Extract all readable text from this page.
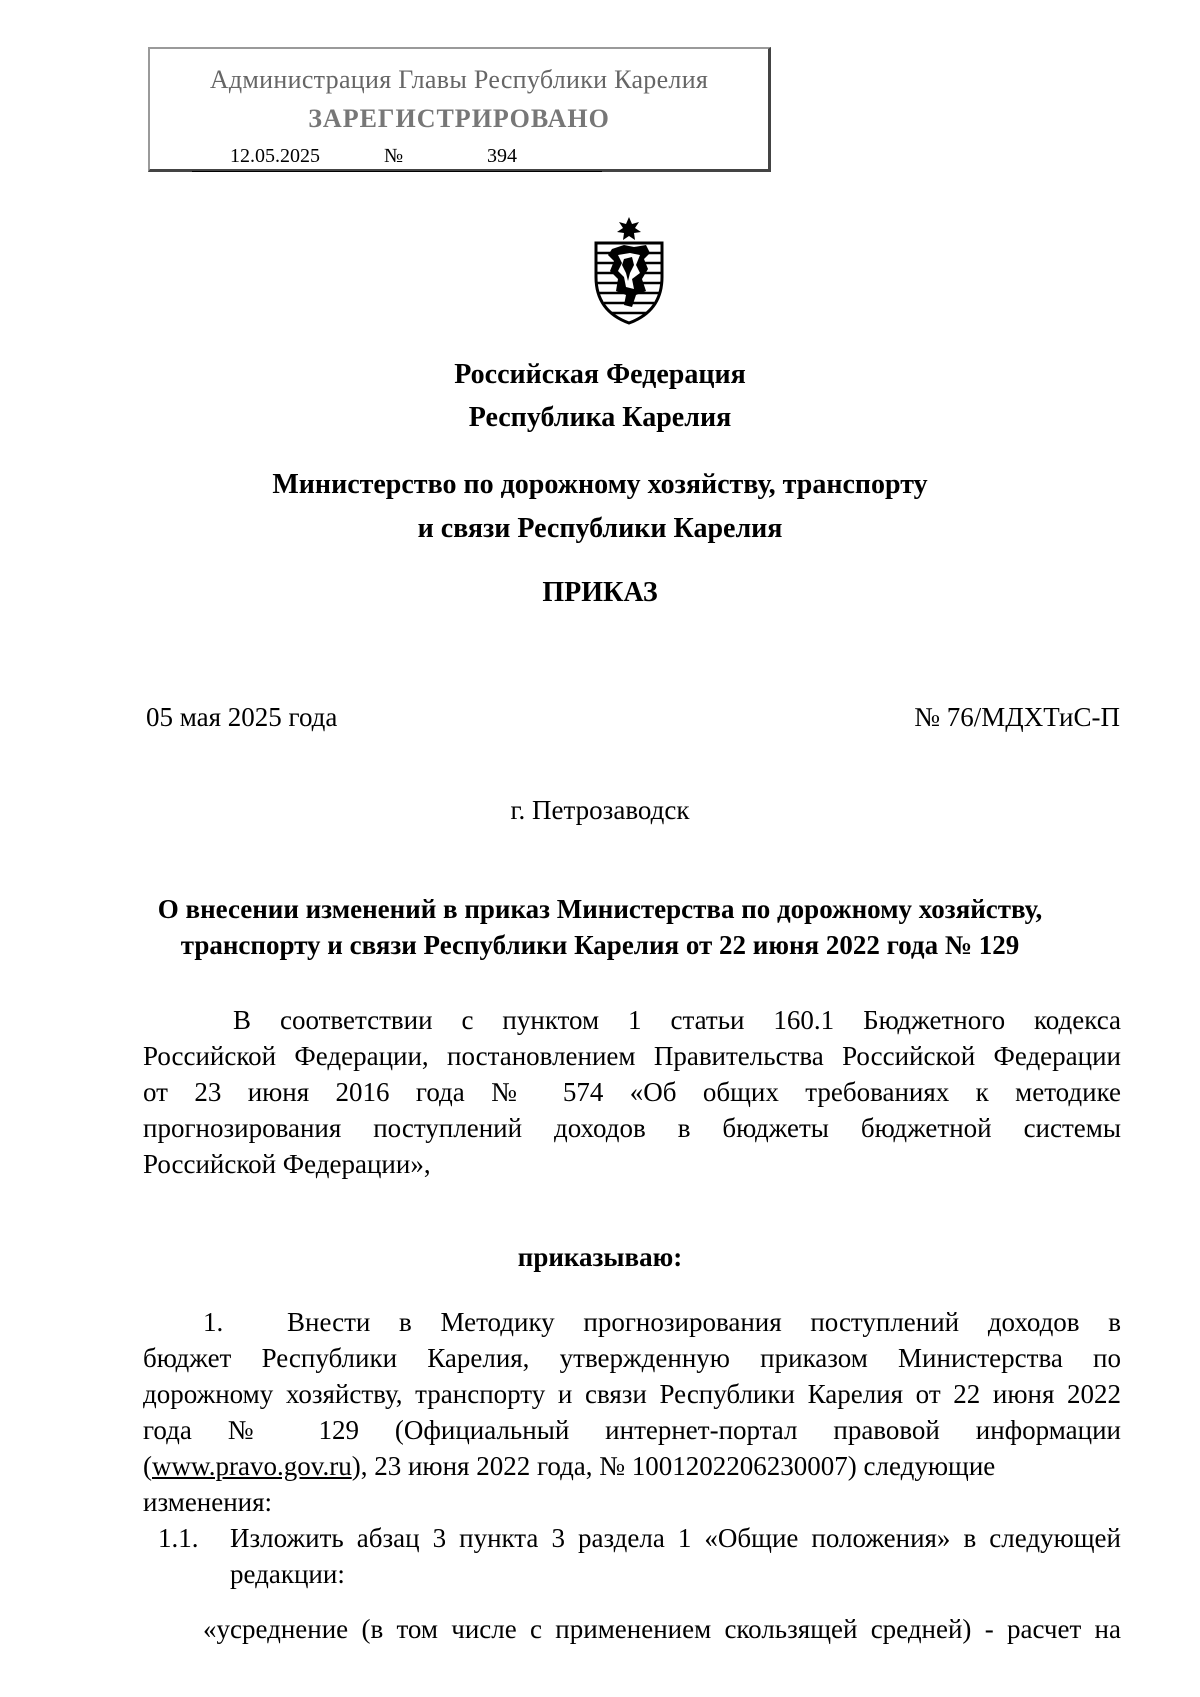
Администрация Главы Республики Карелия
ЗАРЕГИСТРИРОВАНО
12.05.2025	№	394
Российская Федерация
Республика Карелия
Министерство по дорожному хозяйству, транспорту
и связи Республики Карелия
ПРИКАЗ
05 мая 2025 года	№ 76/МДХТиС-П
г. Петрозаводск
О внесении изменений в приказ Министерства по дорожному хозяйству,
транспорту и связи Республики Карелия от 22 июня 2022 года № 129
В соответствии с пунктом 1 статьи 160.1 Бюджетного кодекса
Российской Федерации, постановлением Правительства Российской Федерации
от 23 июня 2016 года № 574 «Об общих требованиях к методике
прогнозирования поступлений доходов в бюджеты бюджетной системы
Российской Федерации»,
приказываю:
1. Внести в Методику прогнозирования поступлений доходов в
бюджет Республики Карелия, утвержденную приказом Министерства по
дорожному хозяйству, транспорту и связи Республики Карелия от 22 июня 2022
года № 129 (Официальный интернет-портал правовой информации
(www.pravo.gov.ru), 23 июня 2022 года, № 1001202206230007) следующие
изменения:
1.1. Изложить абзац 3 пункта 3 раздела 1 «Общие положения» в следующей
редакции:
«усреднение (в том числе с применением скользящей средней) - расчет на
